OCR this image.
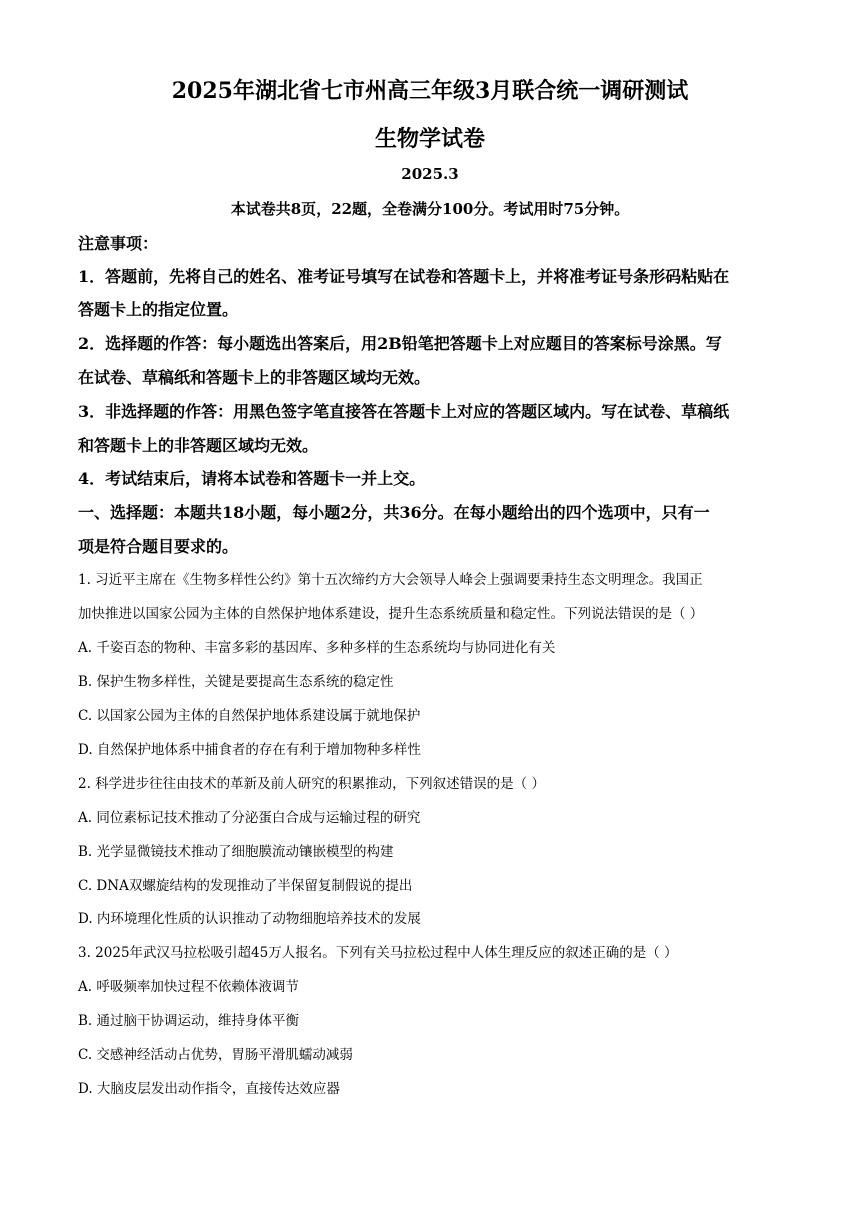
2025年湖北省七市州高三年级3月联合统一调研测试
生物学试卷
2025.3
本试卷共8页，22题，全卷满分100分。考试用时75分钟。
注意事项：
1．答题前，先将自己的姓名、准考证号填写在试卷和答题卡上，并将准考证号条形码粘贴在
答题卡上的指定位置。
2．选择题的作答：每小题选出答案后，用2B铅笔把答题卡上对应题目的答案标号涂黑。写
在试卷、草稿纸和答题卡上的非答题区域均无效。
3．非选择题的作答：用黑色签字笔直接答在答题卡上对应的答题区域内。写在试卷、草稿纸
和答题卡上的非答题区域均无效。
4．考试结束后，请将本试卷和答题卡一并上交。
一、选择题：本题共18小题，每小题2分，共36分。在每小题给出的四个选项中，只有一
项是符合题目要求的。
1. 习近平主席在《生物多样性公约》第十五次缔约方大会领导人峰会上强调要秉持生态文明理念。我国正
加快推进以国家公园为主体的自然保护地体系建设，提升生态系统质量和稳定性。下列说法错误的是（ ）
A. 千姿百态的物种、丰富多彩的基因库、多种多样的生态系统均与协同进化有关
B. 保护生物多样性，关键是要提高生态系统的稳定性
C. 以国家公园为主体的自然保护地体系建设属于就地保护
D. 自然保护地体系中捕食者的存在有利于增加物种多样性
2. 科学进步往往由技术的革新及前人研究的积累推动，下列叙述错误的是（ ）
A. 同位素标记技术推动了分泌蛋白合成与运输过程的研究
B. 光学显微镜技术推动了细胞膜流动镶嵌模型的构建
C. DNA双螺旋结构的发现推动了半保留复制假说的提出
D. 内环境理化性质的认识推动了动物细胞培养技术的发展
3. 2025年武汉马拉松吸引超45万人报名。下列有关马拉松过程中人体生理反应的叙述正确的是（ ）
A. 呼吸频率加快过程不依赖体液调节
B. 通过脑干协调运动，维持身体平衡
C. 交感神经活动占优势，胃肠平滑肌蠕动减弱
D. 大脑皮层发出动作指令，直接传达效应器
